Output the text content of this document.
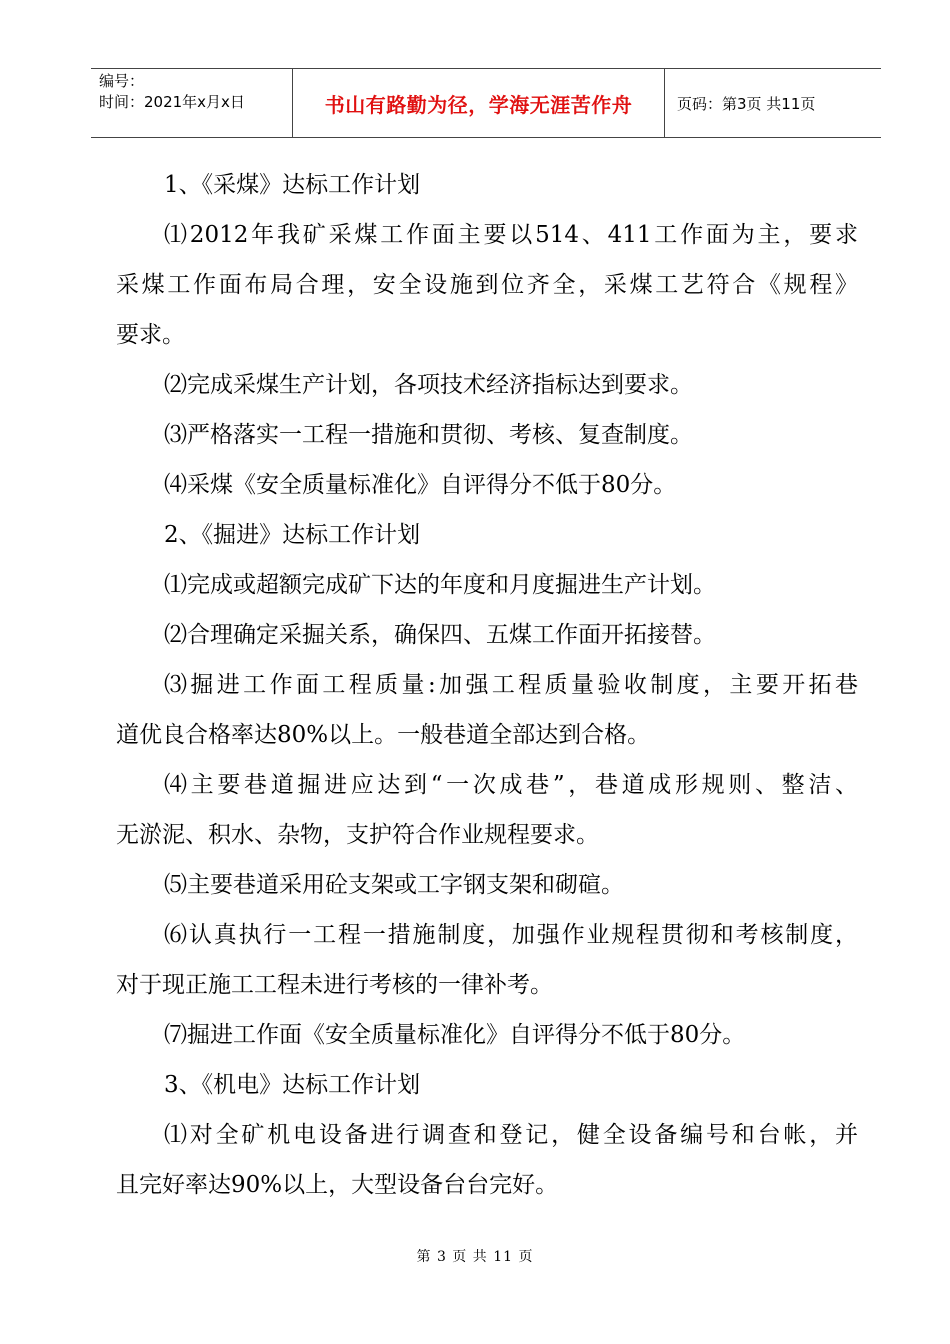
编号：
时间：2021年x月x日	书山有路勤为径，学海无涯苦作舟	页码：第3页 共11页
1、《采煤》达标工作计划
⑴2012年我矿采煤工作面主要以514、411工作面为主，要求
采煤工作面布局合理，安全设施到位齐全，采煤工艺符合《规程》
要求。
⑵完成采煤生产计划，各项技术经济指标达到要求。
⑶严格落实一工程一措施和贯彻、考核、复查制度。
⑷采煤《安全质量标准化》自评得分不低于80分。
2、《掘进》达标工作计划
⑴完成或超额完成矿下达的年度和月度掘进生产计划。
⑵合理确定采掘关系，确保四、五煤工作面开拓接替。
⑶掘进工作面工程质量:加强工程质量验收制度，主要开拓巷
道优良合格率达80%以上。一般巷道全部达到合格。
⑷主要巷道掘进应达到“一次成巷”，巷道成形规则、整洁、
无淤泥、积水、杂物，支护符合作业规程要求。
⑸主要巷道采用砼支架或工字钢支架和砌碹。
⑹认真执行一工程一措施制度，加强作业规程贯彻和考核制度，
对于现正施工工程未进行考核的一律补考。
⑺掘进工作面《安全质量标准化》自评得分不低于80分。
3、《机电》达标工作计划
⑴对全矿机电设备进行调查和登记，健全设备编号和台帐，并
且完好率达90%以上，大型设备台台完好。
第 3 页 共 11 页
